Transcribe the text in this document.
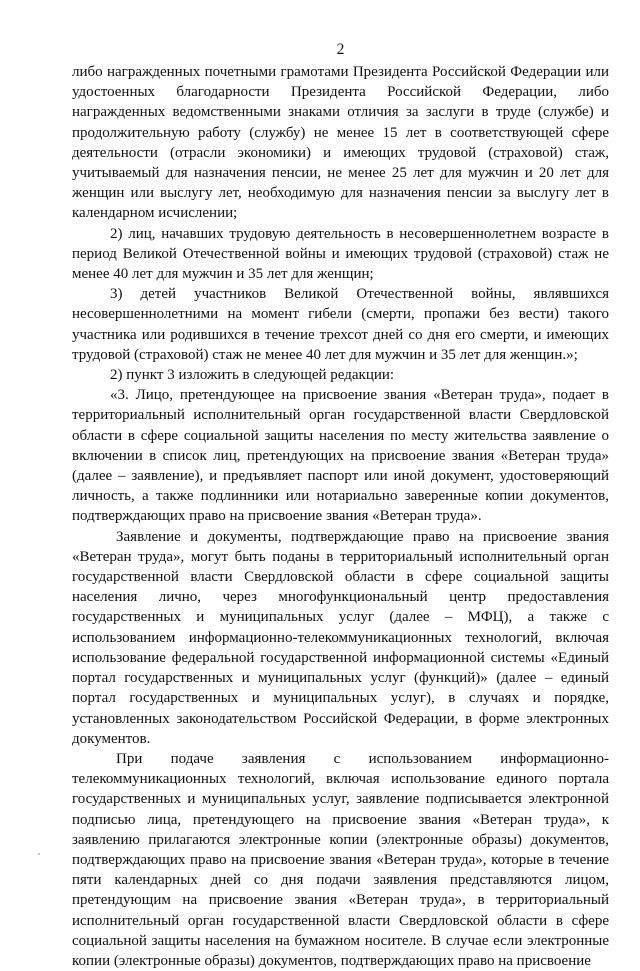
2

либо награжденных почетными грамотами Президента Российской Федерации или удостоенных благодарности Президента Российской Федерации, либо награжденных ведомственными знаками отличия за заслуги в труде (службе) и продолжительную работу (службу) не менее 15 лет в соответствующей сфере деятельности (отрасли экономики) и имеющих трудовой (страховой) стаж, учитываемый для назначения пенсии, не менее 25 лет для мужчин и 20 лет для женщин или выслугу лет, необходимую для назначения пенсии за выслугу лет в календарном исчислении;

2) лиц, начавших трудовую деятельность в несовершеннолетнем возрасте в период Великой Отечественной войны и имеющих трудовой (страховой) стаж не менее 40 лет для мужчин и 35 лет для женщин;

3) детей участников Великой Отечественной войны, являвшихся несовершеннолетними на момент гибели (смерти, пропажи без вести) такого участника или родившихся в течение трехсот дней со дня его смерти, и имеющих трудовой (страховой) стаж не менее 40 лет для мужчин и 35 лет для женщин.»;

2) пункт 3 изложить в следующей редакции:

«3. Лицо, претендующее на присвоение звания «Ветеран труда», подает в территориальный исполнительный орган государственной власти Свердловской области в сфере социальной защиты населения по месту жительства заявление о включении в список лиц, претендующих на присвоение звания «Ветеран труда» (далее – заявление), и предъявляет паспорт или иной документ, удостоверяющий личность, а также подлинники или нотариально заверенные копии документов, подтверждающих право на присвоение звания «Ветеран труда».

Заявление и документы, подтверждающие право на присвоение звания «Ветеран труда», могут быть поданы в территориальный исполнительный орган государственной власти Свердловской области в сфере социальной защиты населения лично, через многофункциональный центр предоставления государственных и муниципальных услуг (далее – МФЦ), а также с использованием информационно-телекоммуникационных технологий, включая использование федеральной государственной информационной системы «Единый портал государственных и муниципальных услуг (функций)» (далее – единый портал государственных и муниципальных услуг), в случаях и порядке, установленных законодательством Российской Федерации, в форме электронных документов.

При подаче заявления с использованием информационно-телекоммуникационных технологий, включая использование единого портала государственных и муниципальных услуг, заявление подписывается электронной подписью лица, претендующего на присвоение звания «Ветеран труда», к заявлению прилагаются электронные копии (электронные образы) документов, подтверждающих право на присвоение звания «Ветеран труда», которые в течение пяти календарных дней со дня подачи заявления представляются лицом, претендующим на присвоение звания «Ветеран труда», в территориальный исполнительный орган государственной власти Свердловской области в сфере социальной защиты населения на бумажном носителе. В случае если электронные копии (электронные образы) документов, подтверждающих право на присвоение
